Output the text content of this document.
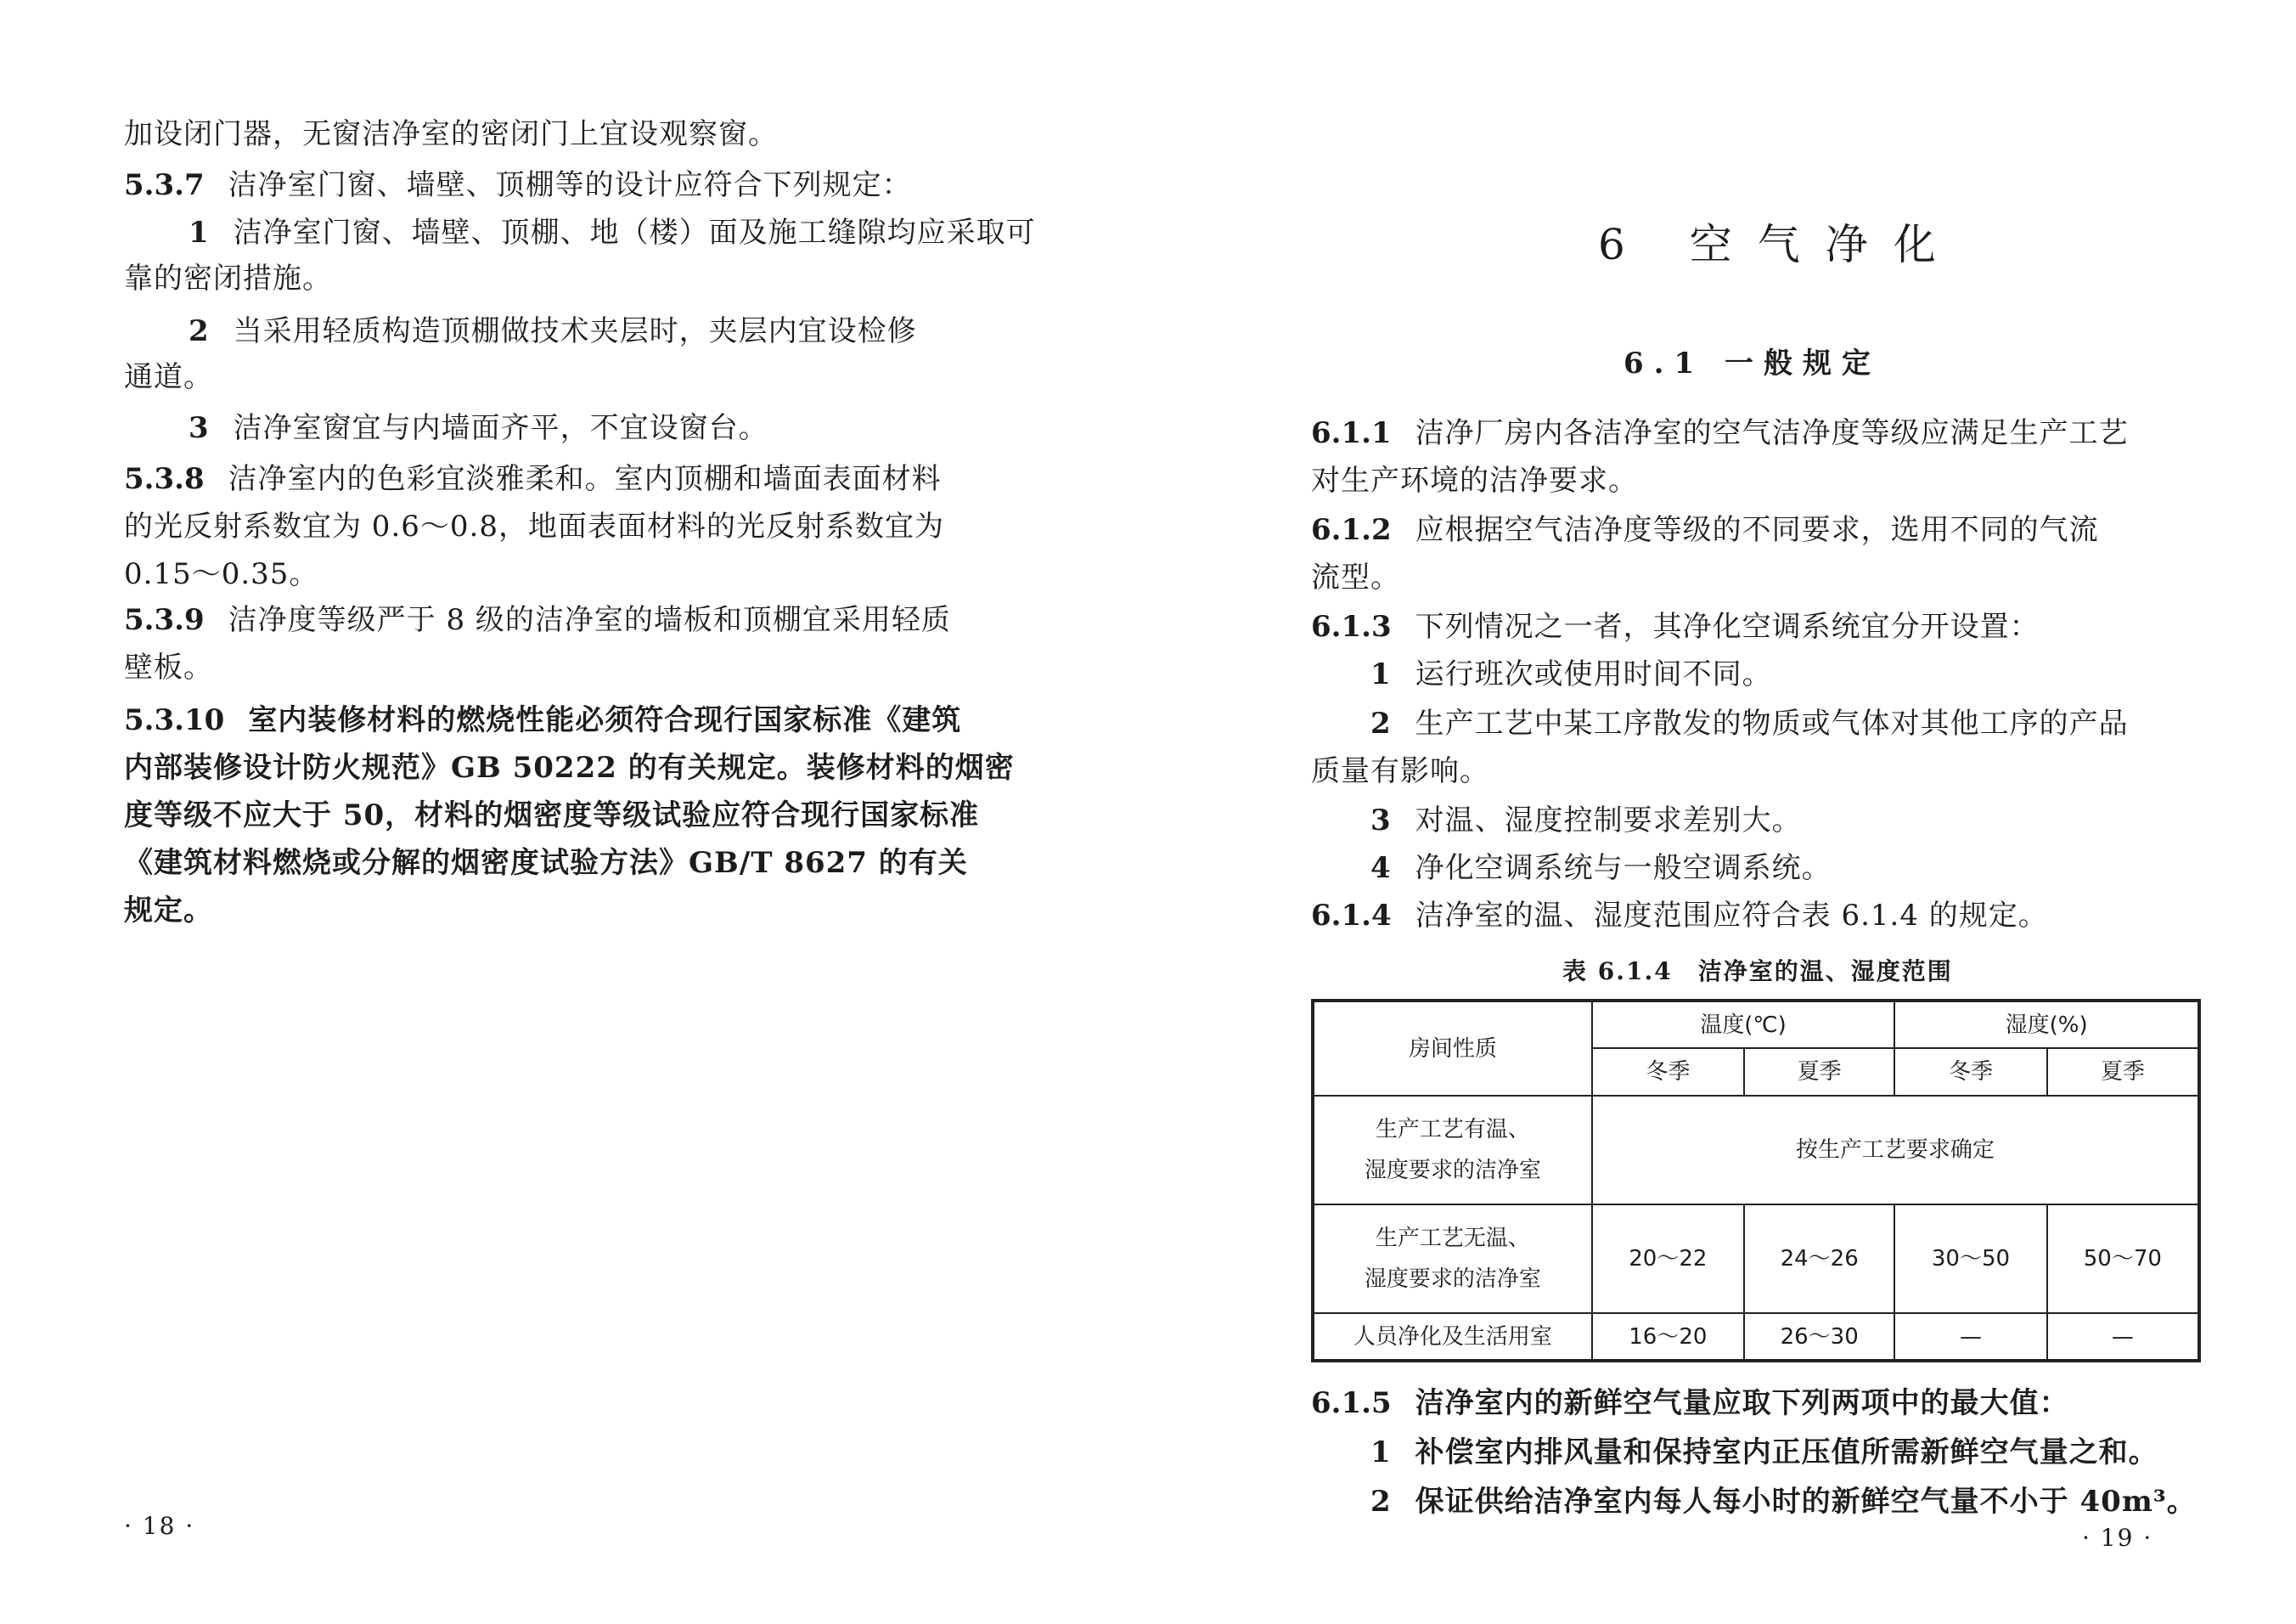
加设闭门器，无窗洁净室的密闭门上宜设观察窗。
5.3.7 洁净室门窗、墙壁、顶棚等的设计应符合下列规定：
1 洁净室门窗、墙壁、顶棚、地（楼）面及施工缝隙均应采取可
靠的密闭措施。
2 当采用轻质构造顶棚做技术夹层时，夹层内宜设检修
通道。
3 洁净室窗宜与内墙面齐平，不宜设窗台。
5.3.8 洁净室内的色彩宜淡雅柔和。室内顶棚和墙面表面材料
的光反射系数宜为 0.6～0.8，地面表面材料的光反射系数宜为
0.15～0.35。
5.3.9 洁净度等级严于 8 级的洁净室的墙板和顶棚宜采用轻质
壁板。
5.3.10 室内装修材料的燃烧性能必须符合现行国家标准《建筑
内部装修设计防火规范》GB 50222 的有关规定。装修材料的烟密
度等级不应大于 50，材料的烟密度等级试验应符合现行国家标准
《建筑材料燃烧或分解的烟密度试验方法》GB/T 8627 的有关
规定。
· 18 ·
6 空气净化
6.1 一般规定
6.1.1 洁净厂房内各洁净室的空气洁净度等级应满足生产工艺
对生产环境的洁净要求。
6.1.2 应根据空气洁净度等级的不同要求，选用不同的气流
流型。
6.1.3 下列情况之一者，其净化空调系统宜分开设置：
1 运行班次或使用时间不同。
2 生产工艺中某工序散发的物质或气体对其他工序的产品
质量有影响。
3 对温、湿度控制要求差别大。
4 净化空调系统与一般空调系统。
6.1.4 洁净室的温、湿度范围应符合表 6.1.4 的规定。
表 6.1.4　洁净室的温、湿度范围
房间性质	温度(℃)		湿度(%)	
	冬季	夏季	冬季	夏季

生产工艺有温、
湿度要求的洁净室	按生产工艺要求确定			

生产工艺无温、
湿度要求的洁净室	20～22	24～26	30～50	50～70
人员净化及生活用室	16～20	26～30	—	—
6.1.5 洁净室内的新鲜空气量应取下列两项中的最大值：
1 补偿室内排风量和保持室内正压值所需新鲜空气量之和。
2 保证供给洁净室内每人每小时的新鲜空气量不小于 40m³。
· 19 ·
